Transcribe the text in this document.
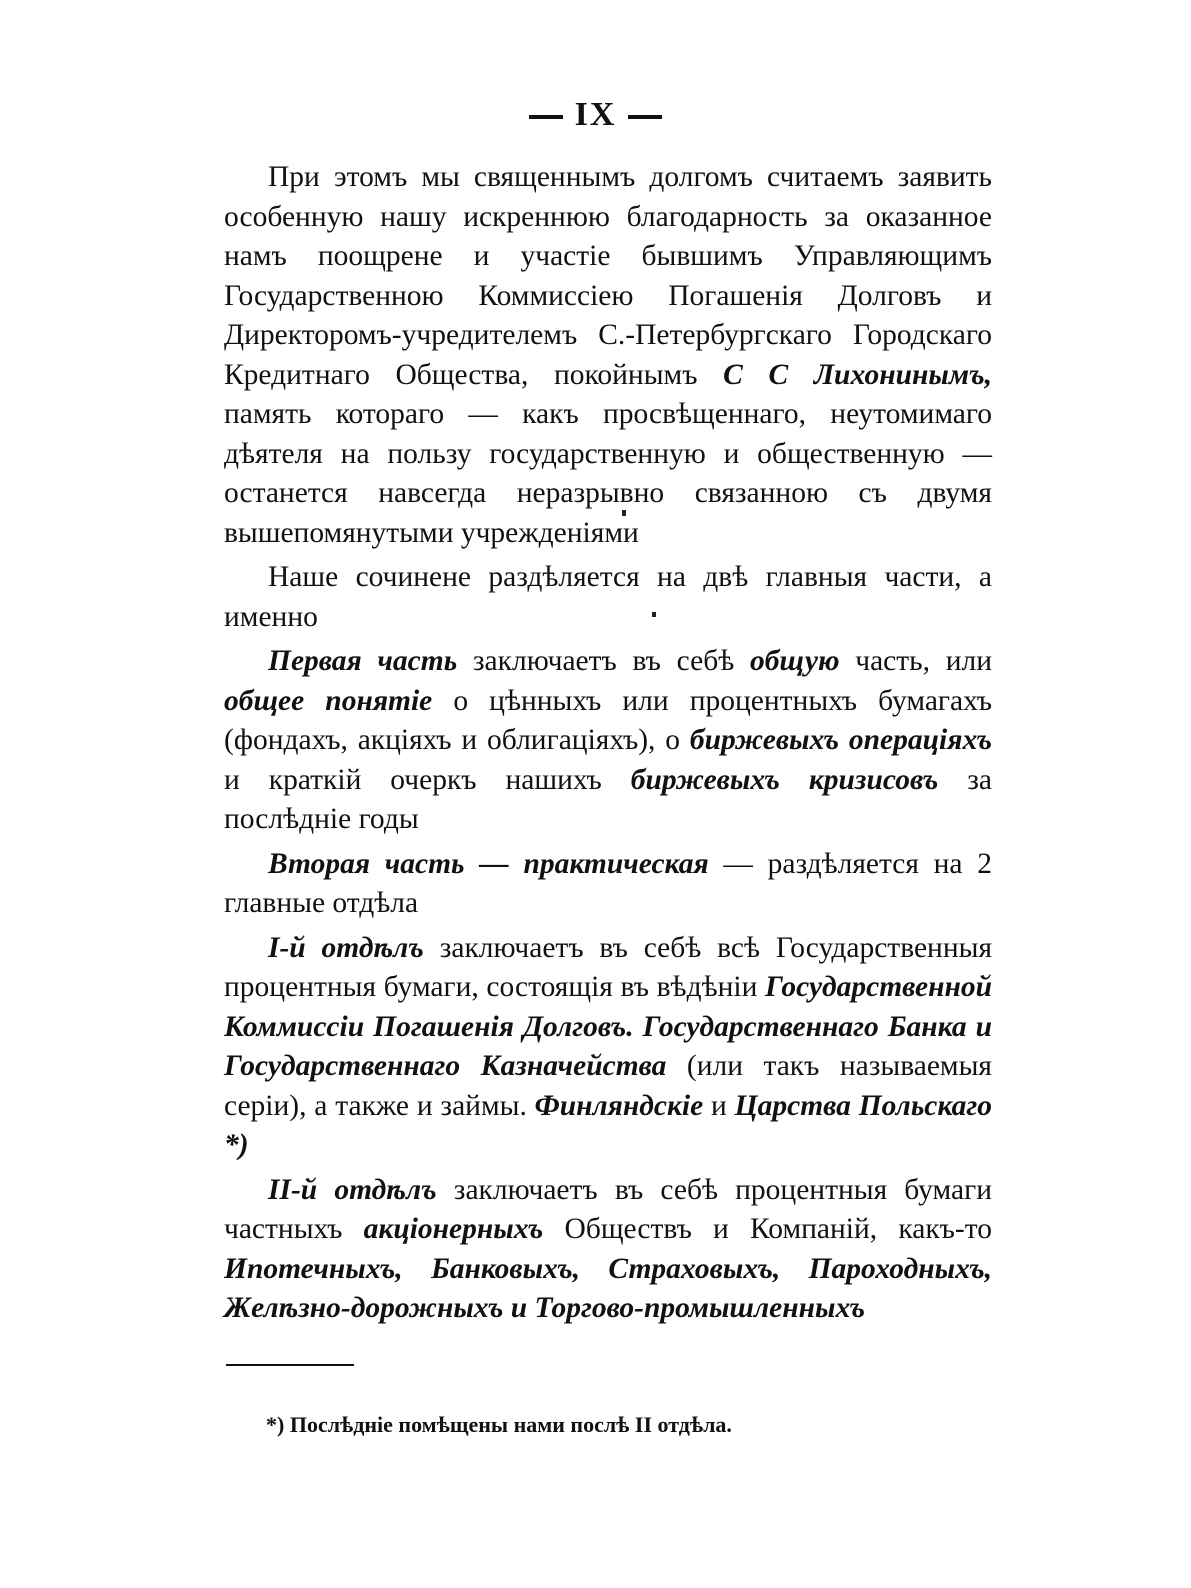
IX

При этомъ мы священнымъ долгомъ считаемъ заявить особенную нашу искреннюю благодарность за оказанное намъ поощрене и участіе бывшимъ Управляющимъ Государственною Коммиссіею Погашенія Долговъ и Директоромъ-учредителемъ С.-Петербургскаго Городскаго Кредитнаго Общества, покойнымъ С С Лихонинымъ, память котораго — какъ просвѣщеннаго, неутомимаго дѣятеля на пользу государственную и общественную — останется навсегда неразрывно связанною съ двумя вышепомянутыми учрежденіями

Наше сочинене раздѣляется на двѣ главныя части, а именно

Первая часть заключаетъ въ себѣ общую часть, или общее понятіе о цѣнныхъ или процентныхъ бумагахъ (фондахъ, акціяхъ и облигаціяхъ), о биржевыхъ операціяхъ и краткій очеркъ нашихъ биржевыхъ кризисовъ за послѣдніе годы

Вторая часть — практическая — раздѣляется на 2 главные отдѣла

I-й отдѣлъ заключаетъ въ себѣ всѣ Государственныя процентныя бумаги, состоящія въ вѣдѣніи Государственной Коммиссіи Погашенія Долговъ. Государственнаго Банка и Государственнаго Казначейства (или такъ называемыя серіи), а также и займы. Финляндскіе и Царства Польскаго *)

II-й отдѣлъ заключаетъ въ себѣ процентныя бумаги частныхъ акціонерныхъ Обществъ и Компаній, какъ-то Ипотечныхъ, Банковыхъ, Страховыхъ, Пароходныхъ, Желѣзно-дорожныхъ и Торгово-промышленныхъ

*) Послѣдніе помѣщены нами послѣ II отдѣла.
